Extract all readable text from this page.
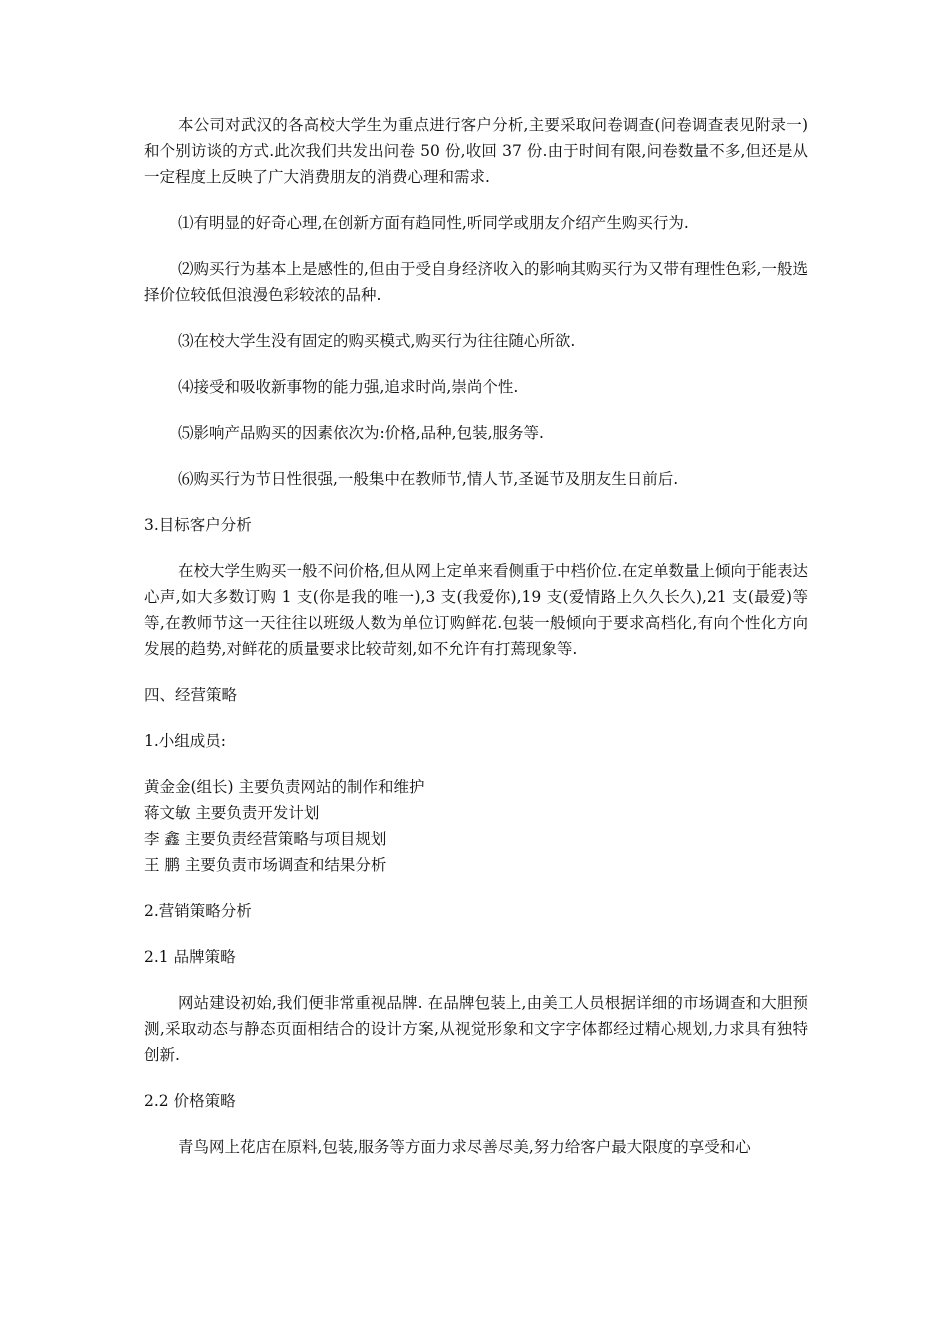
本公司对武汉的各高校大学生为重点进行客户分析,主要采取问卷调查(问卷调查表见附录一)和个别访谈的方式.此次我们共发出问卷 50 份,收回 37 份.由于时间有限,问卷数量不多,但还是从一定程度上反映了广大消费朋友的消费心理和需求.

⑴有明显的好奇心理,在创新方面有趋同性,听同学或朋友介绍产生购买行为.

⑵购买行为基本上是感性的,但由于受自身经济收入的影响其购买行为又带有理性色彩,一般选择价位较低但浪漫色彩较浓的品种.

⑶在校大学生没有固定的购买模式,购买行为往往随心所欲.

⑷接受和吸收新事物的能力强,追求时尚,崇尚个性.

⑸影响产品购买的因素依次为:价格,品种,包装,服务等.

⑹购买行为节日性很强,一般集中在教师节,情人节,圣诞节及朋友生日前后.

3.目标客户分析

在校大学生购买一般不问价格,但从网上定单来看侧重于中档价位.在定单数量上倾向于能表达心声,如大多数订购 1 支(你是我的唯一),3 支(我爱你),19 支(爱情路上久久长久),21 支(最爱)等等,在教师节这一天往往以班级人数为单位订购鲜花.包装一般倾向于要求高档化,有向个性化方向发展的趋势,对鲜花的质量要求比较苛刻,如不允许有打蔫现象等.

四、经营策略

1.小组成员:

黄金金(组长) 主要负责网站的制作和维护

蒋文敏 主要负责开发计划

李 鑫 主要负责经营策略与项目规划

王 鹏 主要负责市场调查和结果分析

2.营销策略分析

2.1 品牌策略

网站建设初始,我们便非常重视品牌. 在品牌包装上,由美工人员根据详细的市场调查和大胆预测,采取动态与静态页面相结合的设计方案,从视觉形象和文字字体都经过精心规划,力求具有独特创新.

2.2 价格策略

青鸟网上花店在原料,包装,服务等方面力求尽善尽美,努力给客户最大限度的享受和心
